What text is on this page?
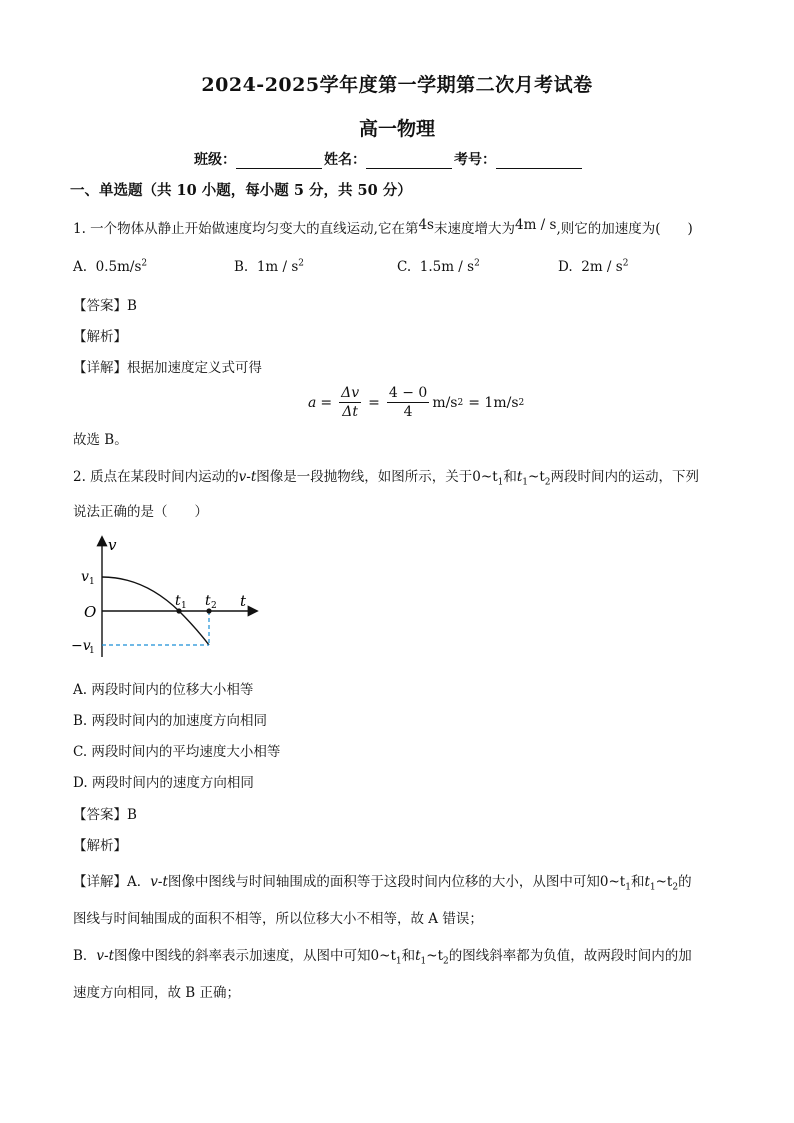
2024-2025学年度第一学期第二次月考试卷
高一物理
班级：	姓名：	考号：
一、单选题（共 10 小题，每小题 5 分，共 50 分）
1. 一个物体从静止开始做速度均匀变大的直线运动,它在第4s末速度增大为4m / s,则它的加速度为(　　)
A. $0.5m/s^2$	B. $1m / s^2$	C. $1.5m / s^2$	D. $2m / s^2$
【答案】B
【解析】
【详解】根据加速度定义式可得
$a = \frac{\Delta v}{\Delta t} = \frac{4 - 0}{4} m/s$ 2 = 1m/s 2
故选 B。
2. 质点在某段时间内运动的v-t图像是一段抛物线，如图所示，关于$0\sim t_1$和$t_1\sim t_2$两段时间内的运动，下列
说法正确的是（　　）
v
t
O
v 1
−v
1
t 1 t 2
A. 两段时间内的位移大小相等
B. 两段时间内的加速度方向相同
C. 两段时间内的平均速度大小相等
D. 两段时间内的速度方向相同
【答案】B
【解析】
【详解】A．v-t图像中图线与时间轴围成的面积等于这段时间内位移的大小，从图中可知$0\sim t_1$和$t_1\sim t_2$的
图线与时间轴围成的面积不相等，所以位移大小不相等，故 A 错误；
B．v-t图像中图线的斜率表示加速度，从图中可知$0\sim t_1$和$t_1\sim t_2$的图线斜率都为负值，故两段时间内的加
速度方向相同，故 B 正确；
